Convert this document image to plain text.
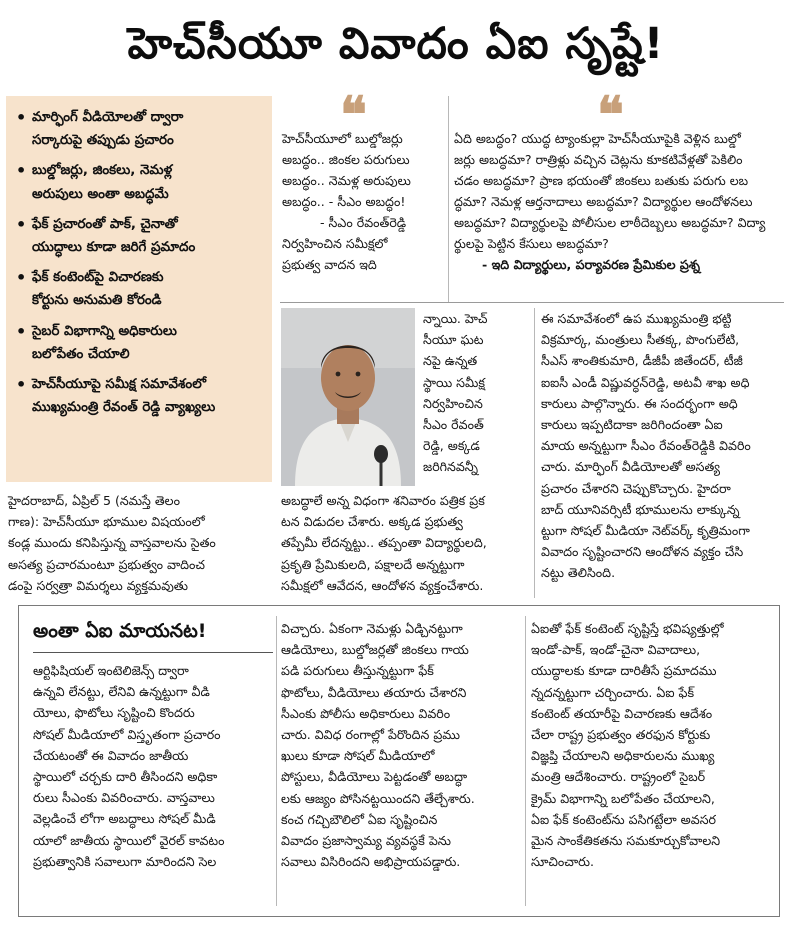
హెచ్‌సీయూ వివాదం ఏఐ సృష్టే!
• మార్ఫింగ్‌ వీడియోలతో ద్వారా
సర్కారుపై తప్పుడు ప్రచారం
• బుల్డోజర్లు, జింకలు, నెమళ్ల
అరుపులు అంతా అబద్ధమే
• ఫేక్‌ ప్రచారంతో పాక్‌, చైనాతో
యుద్ధాలు కూడా జరిగే ప్రమాదం
• ఫేక్‌ కంటెంట్‌పై విచారణకు
కోర్టును అనుమతి కోరండి
• సైబర్‌ విభాగాన్ని అధికారులు
బలోపేతం చేయాలి
• హెచ్‌సీయూపై సమీక్ష సమావేశంలో
ముఖ్యమంత్రి రేవంత్‌ రెడ్డి వ్యాఖ్యలు
❝
హెచ్‌సీయూలో బుల్డోజర్లు
అబద్ధం.. జింకల పరుగులు
అబద్ధం.. నెమళ్ల అరుపులు
అబద్ధం.. - సీఎం అబద్ధం!
- సీఎం రేవంత్‌రెడ్డి
నిర్వహించిన సమీక్షలో
ప్రభుత్వ వాదన ఇది
❝
ఏది అబద్ధం? యుద్ధ ట్యాంకుల్లా హెచ్‌సీయూపైకి వెళ్లిన బుల్డో
జర్లు అబద్ధమా? రాత్రిళ్లు వచ్చిన చెట్లను కూకటివేళ్లతో పెకిలిం
చడం అబద్ధమా? ప్రాణ భయంతో జింకలు బతుకు పరుగు లబ
ద్ధమా? నెమళ్ల ఆర్తనాదాలు అబద్ధమా? విద్యార్థుల ఆందోళనలు
అబద్ధమా? విద్యార్థులపై పోలీసుల లాఠీదెబ్బలు అబద్ధమా? విద్యా
ర్థులపై పెట్టిన కేసులు అబద్ధమా?
- ఇది విద్యార్థులు, పర్యావరణ ప్రేమికుల ప్రశ్న
న్నాయి. హెచ్‌
సీయూ ఘట
నపై ఉన్నత
స్థాయి సమీక్ష
నిర్వహించిన
సీఎం రేవంత్‌
రెడ్డి, అక్కడ
జరిగినవన్నీ
అబద్ధాలే అన్న విధంగా శనివారం పత్రిక ప్రక
టన విడుదల చేశారు. అక్కడ ప్రభుత్వ
తప్పేమీ లేదన్నట్టు.. తప్పంతా విద్యార్థులది,
ప్రకృతి ప్రేమికులది, పక్షాలదే అన్నట్టుగా
సమీక్షలో ఆవేదన, ఆందోళన వ్యక్తంచేశారు.
హైదరాబాద్‌, ఏప్రిల్‌ 5 (నమస్తే తెలం
గాణ): హెచ్‌సీయూ భూముల విషయంలో
కండ్ల ముందు కనిపిస్తున్న వాస్తవాలను సైతం
అసత్య ప్రచారమంటూ ప్రభుత్వం వాదించ
డంపై సర్వత్రా విమర్శలు వ్యక్తమవుతు
ఈ సమావేశంలో ఉప ముఖ్యమంత్రి భట్టి
విక్రమార్క, మంత్రులు సీతక్క, పొంగులేటి,
సీఎస్‌ శాంతికుమారి, డీజీపీ జితేందర్‌, టీజీ
ఐఐసీ ఎండీ విష్ణువర్ధన్‌రెడ్డి, అటవీ శాఖ అధి
కారులు పాల్గొన్నారు. ఈ సందర్భంగా అధి
కారులు ఇప్పటిదాకా జరిగిందంతా ఏఐ
మాయ అన్నట్టుగా సీఎం రేవంత్‌రెడ్డికి వివరిం
చారు. మార్ఫింగ్‌ వీడియోలతో అసత్య
ప్రచారం చేశారని చెప్పుకొచ్చారు. హైదరా
బాద్‌ యూనివర్సిటీ భూములను లాక్కున్న
ట్టుగా సోషల్‌ మీడియా నెట్‌వర్క్‌ కృత్రిమంగా
వివాదం సృష్టించారని ఆందోళన వ్యక్తం చేసి
నట్టు తెలిసింది.
అంతా ఏఐ మాయనట!
ఆర్టిఫిషియల్‌ ఇంటెలిజెన్స్‌ ద్వారా
ఉన్నవి లేనట్టు, లేనివి ఉన్నట్టుగా వీడి
యోలు, ఫొటోలు సృష్టించి కొందరు
సోషల్‌ మీడియాలో విస్తృతంగా ప్రచారం
చేయటంతో ఈ వివాదం జాతీయ
స్థాయిలో చర్చకు దారి తీసిందని అధికా
రులు సీఎంకు వివరించారు. వాస్తవాలు
వెల్లడించే లోగా అబద్ధాలు సోషల్‌ మీడి
యాలో జాతీయ స్థాయిలో వైరల్‌ కావటం
ప్రభుత్వానికి సవాలుగా మారిందని సెల
విచ్చారు. ఏకంగా నెమళ్లు ఏడ్చినట్టుగా
ఆడియోలు, బుల్డోజర్లతో జింకలు గాయ
పడి పరుగులు తీస్తున్నట్టుగా ఫేక్‌
ఫొటోలు, వీడియోలు తయారు చేశారని
సీఎంకు పోలీసు అధికారులు వివరిం
చారు. వివిధ రంగాల్లో పేరొందిన ప్రము
ఖులు కూడా సోషల్‌ మీడియాలో
పోస్టులు, వీడియోలు పెట్టడంతో అబద్ధా
లకు ఆజ్యం పోసినట్టయిందని తేల్చేశారు.
కంచ గచ్చిబౌలిలో ఏఐ సృష్టించిన
వివాదం ప్రజాస్వామ్య వ్యవస్థకే పెను
సవాలు విసిరిందని అభిప్రాయపడ్డారు.
ఏఐతో ఫేక్‌ కంటెంట్‌ సృష్టిస్తే భవిష్యత్తుల్లో
ఇండో-పాక్‌, ఇండో-చైనా వివాదాలు,
యుద్ధాలకు కూడా దారితీసే ప్రమాదము
న్నదన్నట్టుగా చర్చించారు. ఏఐ ఫేక్‌
కంటెంట్‌ తయారీపై విచారణకు ఆదేశం
చేలా రాష్ట్ర ప్రభుత్వం తరఫున కోర్టుకు
విజ్ఞప్తి చేయాలని అధికారులను ముఖ్య
మంత్రి ఆదేశించారు. రాష్ట్రంలో సైబర్‌
క్రైమ్‌ విభాగాన్ని బలోపేతం చేయాలని,
ఏఐ ఫేక్‌ కంటెంట్‌ను పసిగట్టేలా అవసర
మైన సాంకేతికతను సమకూర్చుకోవాలని
సూచించారు.
